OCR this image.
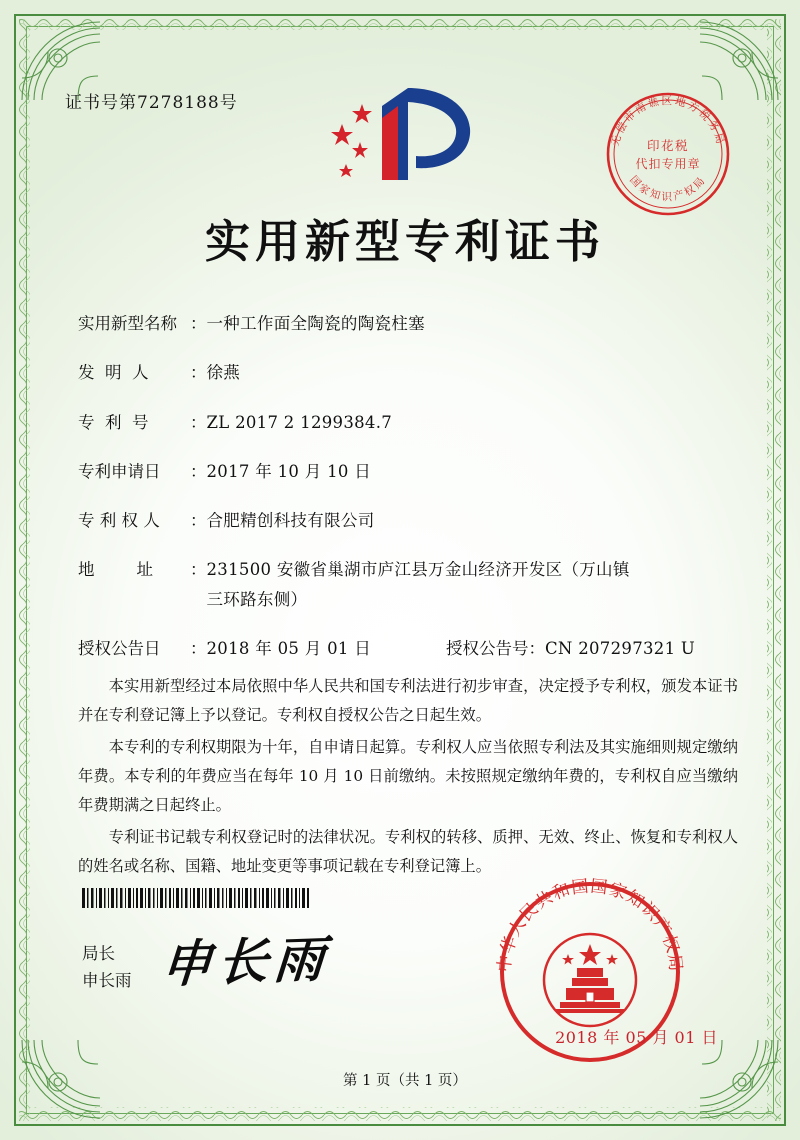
证书号第7278188号
无偿市南谯区地方税务局
国家知识产权局
印花税
代扣专用章
实用新型专利证书
实用新型名称 ： 一种工作面全陶瓷的陶瓷柱塞
发  明  人	： 徐燕
专  利  号	： ZL 2017 2 1299384.7
专利申请日	： 2017 年 10 月 10 日
专 利 权 人	： 合肥精创科技有限公司
地        址	： 231500 安徽省巢湖市庐江县万金山经济开发区（万山镇
三环路东侧）
授权公告日	： 2018 年 05 月 01 日	授权公告号 ： CN 207297321 U

本实用新型经过本局依照中华人民共和国专利法进行初步审查，决定授予专利权，颁发本证书并在专利登记簿上予以登记。专利权自授权公告之日起生效。

本专利的专利权期限为十年，自申请日起算。专利权人应当依照专利法及其实施细则规定缴纳年费。本专利的年费应当在每年 10 月 10 日前缴纳。未按照规定缴纳年费的，专利权自应当缴纳年费期满之日起终止。

专利证书记载专利权登记时的法律状况。专利权的转移、质押、无效、终止、恢复和专利权人的姓名或名称、国籍、地址变更等事项记载在专利登记簿上。

局长
申长雨 申长雨	中华人民共和国国家知识产权局
2018 年 05 月 01 日
第 1 页（共 1 页）
